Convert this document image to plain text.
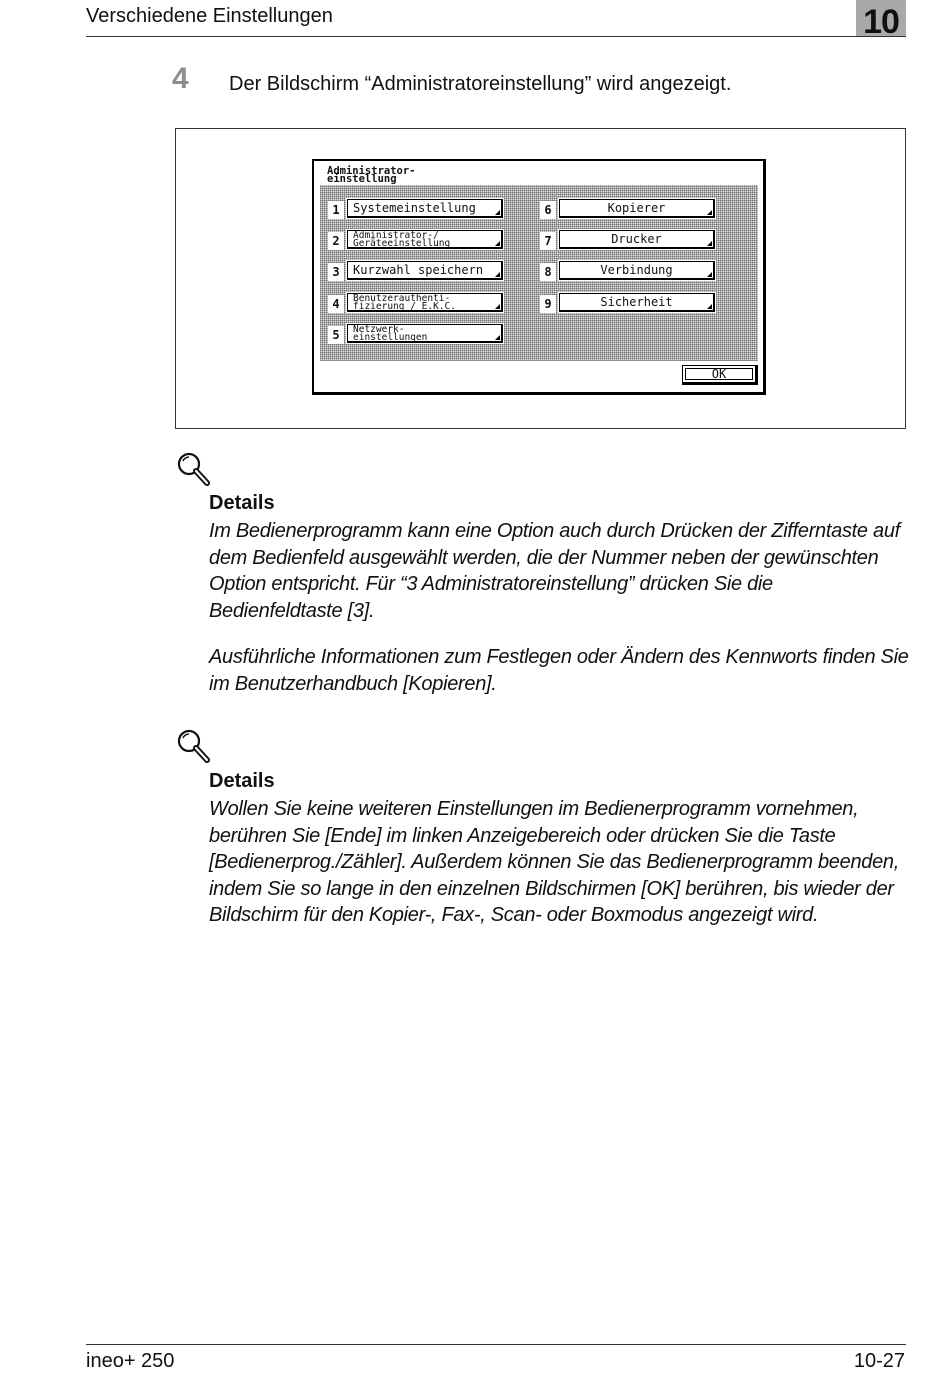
Verschiedene Einstellungen	10
4 Der Bildschirm “Administratoreinstellung” wird angezeigt.
Administrator-
einstellung
1	Systemeinstellung
2	Administrator-/
Geräteeinstellung
3	Kurzwahl speichern
4	Benutzerauthenti-
fizierung / E.K.C.
5	Netzwerk-
einstellungen
6	Kopierer
7	Drucker
8	Verbindung
9	Sicherheit
OK
Details
Im Bedienerprogramm kann eine Option auch durch Drücken der Zifferntaste auf dem Bedienfeld ausgewählt werden, die der Nummer neben der gewünschten Option entspricht. Für “3 Administratoreinstellung” drücken Sie die Bedienfeldtaste [3].
Ausführliche Informationen zum Festlegen oder Ändern des Kennworts finden Sie im Benutzerhandbuch [Kopieren].
Details
Wollen Sie keine weiteren Einstellungen im Bedienerprogramm vornehmen, berühren Sie [Ende] im linken Anzeigebereich oder drücken Sie die Taste [Bedienerprog./Zähler]. Außerdem können Sie das Bedienerprogramm beenden, indem Sie so lange in den einzelnen Bildschirmen [OK] berühren, bis wieder der Bildschirm für den Kopier-, Fax-, Scan- oder Boxmodus angezeigt wird.
ineo+ 250	10-27
